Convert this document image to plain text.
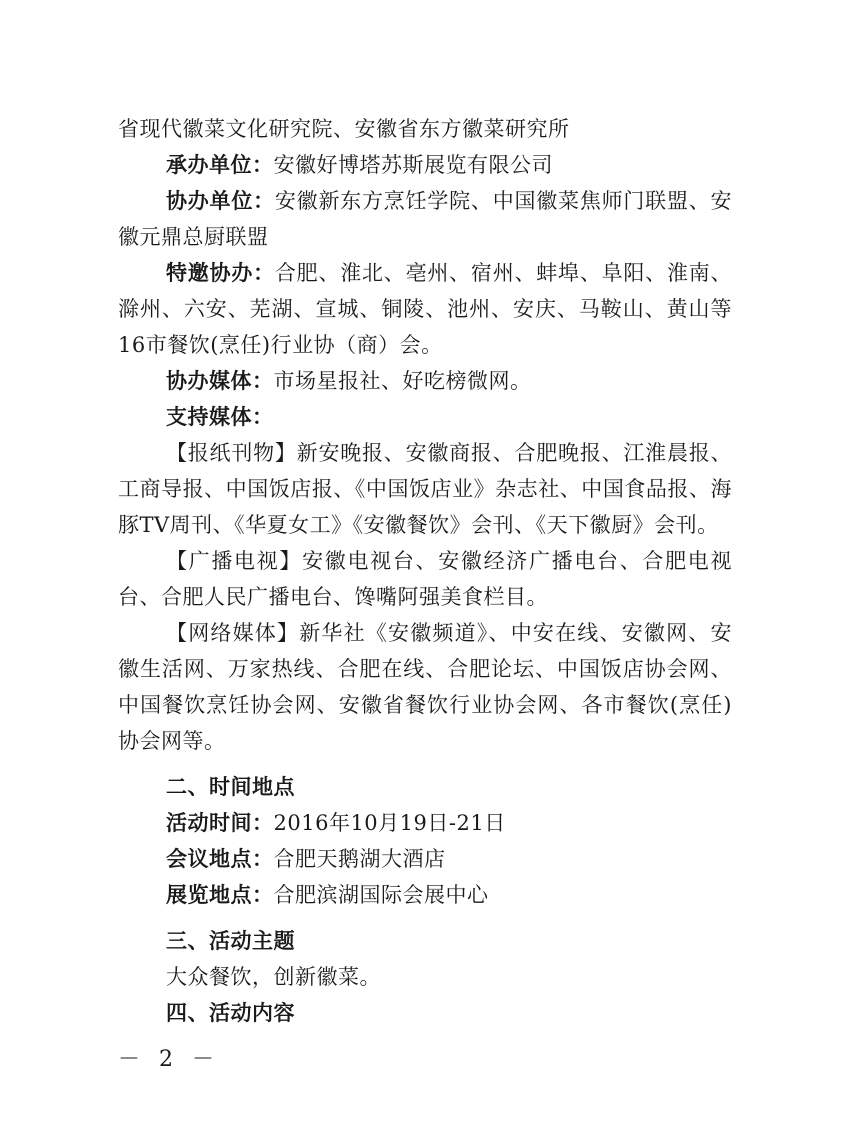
省现代徽菜文化研究院、安徽省东方徽菜研究所

承办单位：安徽好博塔苏斯展览有限公司

协办单位：安徽新东方烹饪学院、中国徽菜焦师门联盟、安徽元鼎总厨联盟

特邀协办：合肥、淮北、亳州、宿州、蚌埠、阜阳、淮南、滁州、六安、芜湖、宣城、铜陵、池州、安庆、马鞍山、黄山等16市餐饮(烹任)行业协（商）会。

协办媒体：市场星报社、好吃榜微网。

支持媒体：

【报纸刊物】新安晚报、安徽商报、合肥晚报、江淮晨报、工商导报、中国饭店报、《中国饭店业》杂志社、中国食品报、海豚TV周刊、《华夏女工》《安徽餐饮》会刊、《天下徽厨》会刊。

【广播电视】安徽电视台、安徽经济广播电台、合肥电视台、合肥人民广播电台、馋嘴阿强美食栏目。

【网络媒体】新华社《安徽频道》、中安在线、安徽网、安徽生活网、万家热线、合肥在线、合肥论坛、中国饭店协会网、中国餐饮烹饪协会网、安徽省餐饮行业协会网、各市餐饮(烹任)协会网等。

二、时间地点

活动时间：2016年10月19日-21日

会议地点：合肥天鹅湖大酒店

展览地点：合肥滨湖国际会展中心

三、活动主题

大众餐饮，创新徽菜。

四、活动内容

－ 2 －
